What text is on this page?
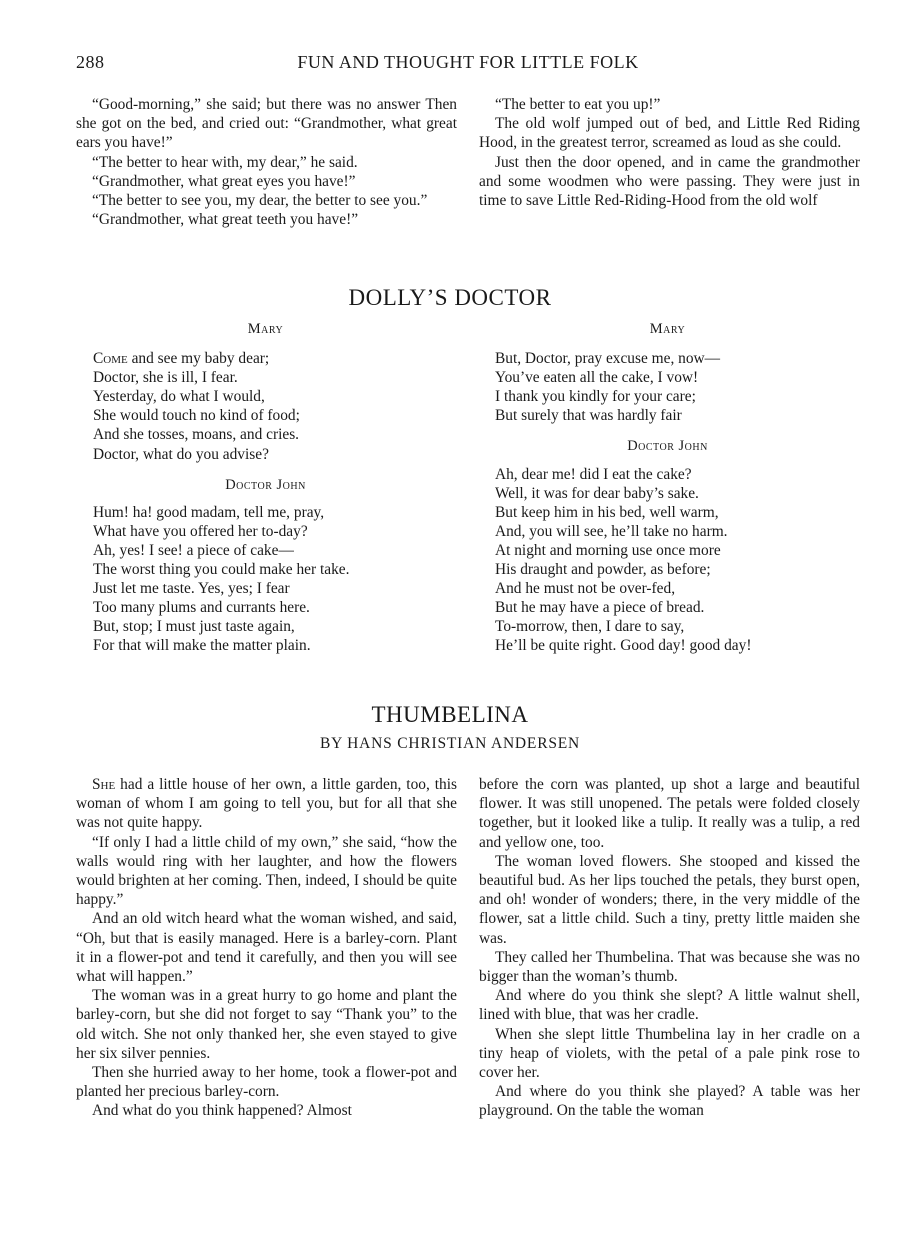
288	FUN AND THOUGHT FOR LITTLE FOLK

“Good-morning,” she said; but there was no answer Then she got on the bed, and cried out: “Grandmother, what great ears you have!”

“The better to hear with, my dear,” he said.

“Grandmother, what great eyes you have!”

“The better to see you, my dear, the better to see you.”

“Grandmother, what great teeth you have!”

“The better to eat you up!”

The old wolf jumped out of bed, and Little Red Riding Hood, in the greatest terror, screamed as loud as she could.

Just then the door opened, and in came the grandmother and some woodmen who were passing. They were just in time to save Little Red-Riding-Hood from the old wolf

DOLLY’S DOCTOR
Mary
Come and see my baby dear;
Doctor, she is ill, I fear.
Yesterday, do what I would,
She would touch no kind of food;
And she tosses, moans, and cries.
Doctor, what do you advise?
Doctor John
Hum! ha! good madam, tell me, pray,
What have you offered her to-day?
Ah, yes! I see! a piece of cake—
The worst thing you could make her take.
Just let me taste. Yes, yes; I fear
Too many plums and currants here.
But, stop; I must just taste again,
For that will make the matter plain.
Mary
But, Doctor, pray excuse me, now—
You’ve eaten all the cake, I vow!
I thank you kindly for your care;
But surely that was hardly fair
Doctor John
Ah, dear me! did I eat the cake?
Well, it was for dear baby’s sake.
But keep him in his bed, well warm,
And, you will see, he’ll take no harm.
At night and morning use once more
His draught and powder, as before;
And he must not be over-fed,
But he may have a piece of bread.
To-morrow, then, I dare to say,
He’ll be quite right. Good day! good day!
THUMBELINA
BY HANS CHRISTIAN ANDERSEN

She had a little house of her own, a little garden, too, this woman of whom I am going to tell you, but for all that she was not quite happy.

“If only I had a little child of my own,” she said, “how the walls would ring with her laughter, and how the flowers would brighten at her coming. Then, indeed, I should be quite happy.”

And an old witch heard what the woman wished, and said, “Oh, but that is easily managed. Here is a barley-corn. Plant it in a flower-pot and tend it carefully, and then you will see what will happen.”

The woman was in a great hurry to go home and plant the barley-corn, but she did not forget to say “Thank you” to the old witch. She not only thanked her, she even stayed to give her six silver pennies.

Then she hurried away to her home, took a flower-pot and planted her precious barley-corn.

And what do you think happened? Almost

before the corn was planted, up shot a large and beautiful flower. It was still unopened. The petals were folded closely together, but it looked like a tulip. It really was a tulip, a red and yellow one, too.

The woman loved flowers. She stooped and kissed the beautiful bud. As her lips touched the petals, they burst open, and oh! wonder of wonders; there, in the very middle of the flower, sat a little child. Such a tiny, pretty little maiden she was.

They called her Thumbelina. That was because she was no bigger than the woman’s thumb.

And where do you think she slept? A little walnut shell, lined with blue, that was her cradle.

When she slept little Thumbelina lay in her cradle on a tiny heap of violets, with the petal of a pale pink rose to cover her.

And where do you think she played? A table was her playground. On the table the woman
